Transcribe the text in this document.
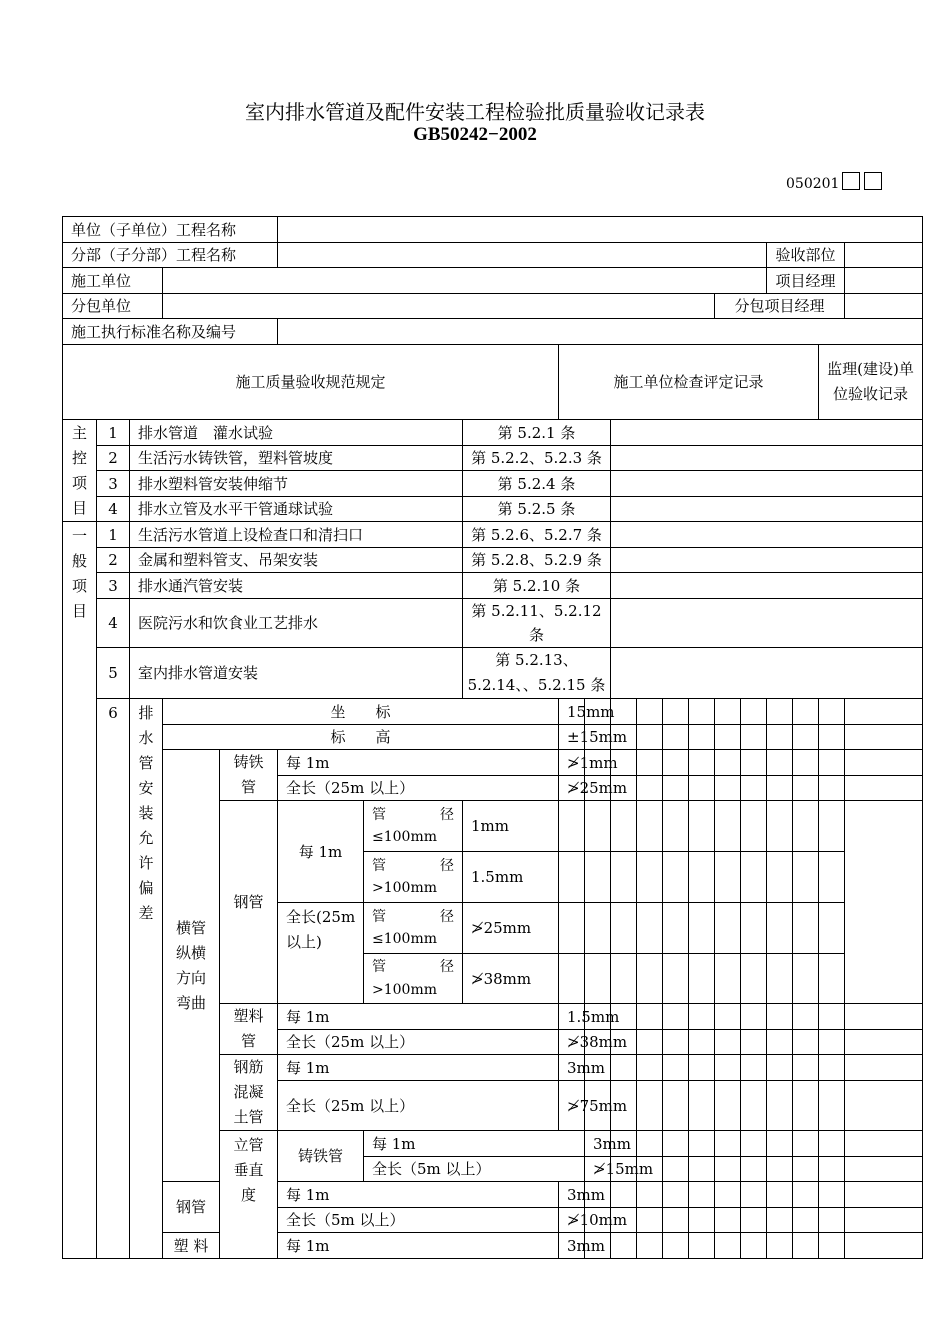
室内排水管道及配件安装工程检验批质量验收记录表
GB50242−2002
050201
单位（子单位）工程名称																				
分部（子分部）工程名称																验收部位				
施工单位																项目经理				
分包单位														分包项目经理						
施工执行标准名称及编号																				
施工质量验收规范规定								施工单位检查评定记录										监理(建设)单位验收记录		
主控项目	1	排水管道　灌水试验					第 5.2.1 条													
	2	生活污水铸铁管，塑料管坡度					第 5.2.2、5.2.3 条													
	3	排水塑料管安装伸缩节					第 5.2.4 条													
	4	排水立管及水平干管通球试验					第 5.2.5 条													
一般项目	1	生活污水管道上设检查口和清扫口					第 5.2.6、5.2.7 条													
	2	金属和塑料管支、吊架安装					第 5.2.8、5.2.9 条													
	3	排水通汽管安装					第 5.2.10 条													
	4	医院污水和饮食业工艺排水					第 5.2.11、5.2.12 条													
	5	室内排水管道安装					第 5.2.13、5.2.14、、5.2.15 条													
	6	排水管安装允许偏差	坐　　标					15mm												
			标　　高					±15mm												
			横管纵横方向弯曲	铸铁管	每 1m			≯1mm												
					全长（25m 以上）			≯25mm												
				钢管	每 1m	管　　径 ≤100mm	1mm													
						管　　径 >100mm	1.5mm													
					全长(25m 以上)	管　　径 ≤100mm	≯25mm													
						管　　径 >100mm	≯38mm													
				塑料管	每 1m			1.5mm												
					全长（25m 以上）			≯38mm												
				钢筋混凝土管	每 1m			3mm												
					全长（25m 以上）			≯75mm												
				立管垂直度	铸铁管	每 1m			3mm											
						全长（5m 以上）			≯15mm											
			钢管		每 1m			3mm												
					全长（5m 以上）			≯10mm												
			塑 料		每 1m			3mm												
